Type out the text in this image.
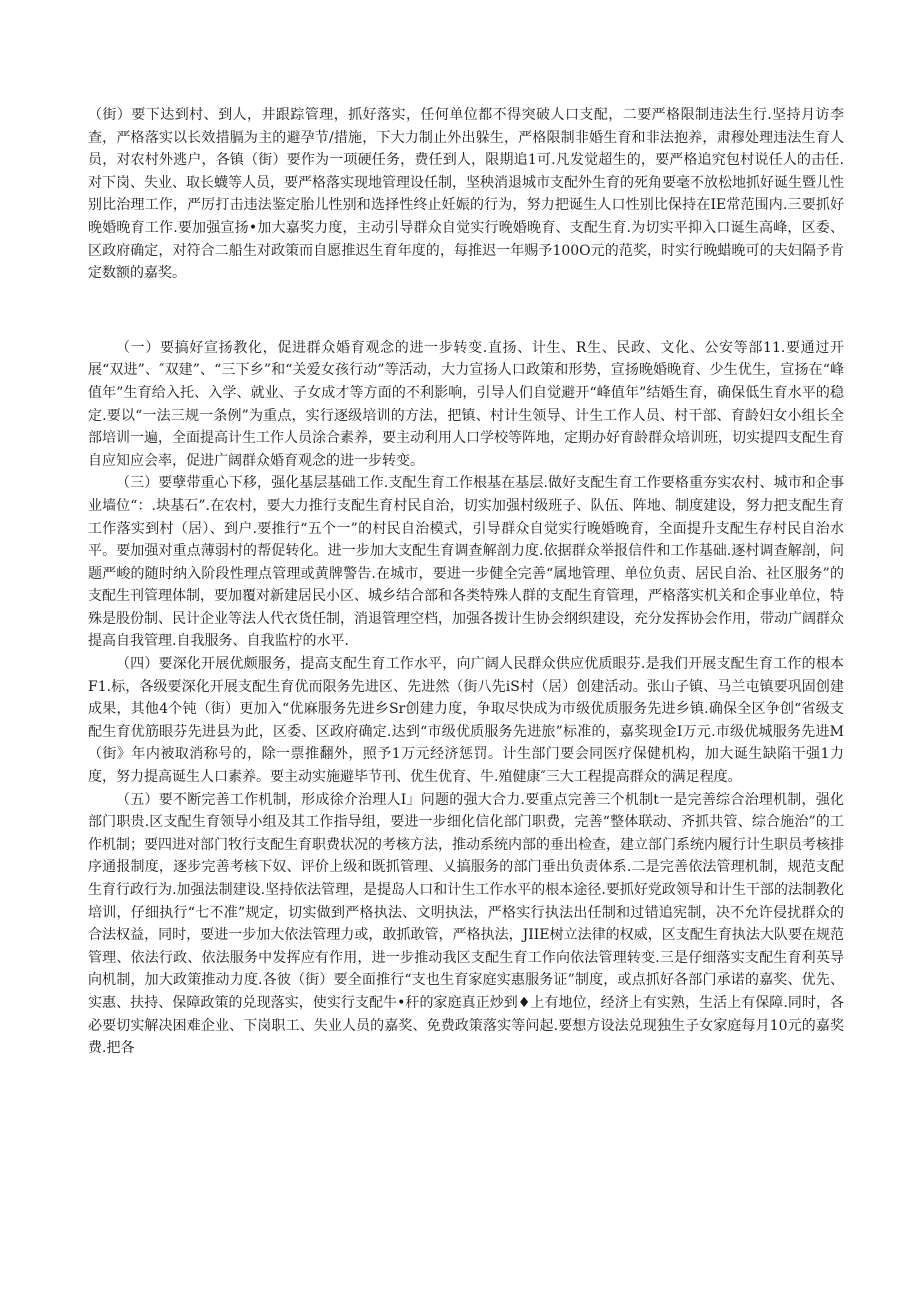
（街）要下达到村、到人，井跟踪管理，抓好落实，任何单位都不得突破人口支配，二要严格限制违法生行.坚持月访李查，严格落实以长效措膈为主的避孕节/措施，下大力制止外出躲生，严格限制非婚生育和非法抱养，肃穆处理违法生育人员，对农村外逃户，各镇（街）要作为一项硬任务，费任到人，限期追1可.凡发觉超生的，要严格追究包村说任人的击任.对下岗、失业、取长蠛等人员，要严格落实现地管理设任制，坚秧消退城市支配外生育的死角要毫不放松地抓好诞生暨儿性别比治理工作，严厉打击违法鉴定胎儿性别和选择性终止妊娠的行为，努力把诞生人口性别比保持在IE常范围内.三要抓好晚婚晚育工作.要加强宣扬•加大嘉奖力度，主动引导群众自觉实行晚婚晚育、支配生育.为切实平抑入口诞生高峰，区委、区政府确定，对符合二船生对政策而自愿推迟生育年度的，每推迟一年赐予100O元的范奖，时实行晚蜡晚可的夫妇隔予肯定数额的嘉奖。

（一）要搞好宣扬教化，促进群众婚育观念的进一步转变.直扬、计生、R生、民政、文化、公安等部11.要通过开展“双进”、″双建”、“三下乡”和“关爱女孩行动”等活动，大力宣扬人口政策和形势，宣扬晚婚晚育、少生优生，宣扬在“峰值年”生育给入托、入学、就业、子女成才等方面的不利影响，引导人们自觉避开“峰值年”结婚生育，确保低生育水平的稳定.要以“一法三规一条例”为重点，实行逐级培训的方法，把镇、村计生领导、计生工作人员、村干部、育龄妇女小组长全部培训一遍，全面提高计生工作人员涂合素养，要主动利用人口学校等阵地，定期办好育龄群众培训班，切实提四支配生育自应知应会率，促进广阔群众婚育观念的进一步转变。

（三）要孽带重心下移，强化基层基础工作.支配生育工作根基在基层.做好支配生育工作要格重夯实农村、城市和企事业墙位“：.块基石”.在农村，要大力推行支配生育村民自治，切实加强村级班子、队伍、阵地、制度建设，努力把支配生育工作落实到村（居）、到户.要推行“五个一”的村民自治模式，引导群众自觉实行晚婚晚育，全面提升支配生存村民自治水平。要加强对重点薄弱村的帮促转化。进一步加大支配生育调查解剖力度.依据群众举报信件和工作基础.逐村调查解剖，问题严峻的随时纳入阶段性理点管理或黄牌警告.在城市，要进一步健全完善“属地管理、单位负责、居民自治、社区服务”的支配生刊管理体制，要加覆对新建居民小区、城乡结合部和各类特殊人群的支配生育管理，严格落实机关和企事业单位，特殊是股份制、民计企业等法人代衣货任制，消退管理空档，加强各拨计生协会纲织建设，充分发挥协会作用，带动广阔群众提高自我管理.自我服务、自我监柠的水平.

（四）要深化开展优颇服务，提高支配生育工作水平，向广阔人民群众供应优质眼芬.是我们开展支配生育工作的根本F1.标，各级要深化开展支配生育优而限务先进区、先进然（街八先iS村（居）创建活动。张山子镇、马兰屯镇要巩固创建成果，其他4个钝（街）更加入“优麻服务先进乡Sr创建力度，争取尽快成为市级优质服务先进乡镇.确保全区争创“省级支配生育优筋眼芬先进县为此，区委、区政府确定.达到“市级优质服务先进旅”标准的，嘉奖现金I万元.市级优城服务先进M（街》年内被取消称号的，除一票推翻外，照予1万元经济惩罚。计生部门要会同医疗保健机构，加大诞生缺陷干强1力度，努力提高诞生人口素养。要主动实施避毕节刊、优生优育、牛.殖健康″三大工程提高群众的满足程度。

（五）要不断完善工作机制，形成徐介治理人I」问题的强大合力.要重点完善三个机制t一是完善综合治理机制，强化部门职贵.区支配生育领导小组及其工作指导组，要进一步细化信化部门职费，完善“整体联动、齐抓共管、综合施治”的工作机制；要四进对部门牧行支配生育职费状况的考核方法，推动系统内部的垂出检查，建立部门系统内履行计生职员考核排序通报制度，逐步完善考核下奴、评价上级和既抓管理、乂搞服务的部门垂出负责体系.二是完善依法管理机制，规范支配生育行政行为.加强法制建设.坚持依法管理，是提岛人口和计生工作水平的根本途径.要抓好党政领导和计生干部的法制教化培训，仔细执行“七不准”规定，切实做到严格执法、文明执法，严格实行执法出任制和过错追宪制，决不允许侵扰群众的合法权益，同时，要进一步加大依法管理力或，敢抓敢管，严格执法，JIIE树立法律的权威，区支配生育执法大队要在规范管理、依法行政、依法服务中发挥应有作用，进一步推动我区支配生育工作向依法管理转变.三是仔细落实支配生育利英导向机制，加大政策推动力度.各彼（街）要全面推行“支也生育家庭实惠服务证”制度，或点抓好各部门承诺的嘉奖、优先、实惠、扶持、保障政策的兑现落实，使实行支配牛•秆的家庭真正炒到♦上有地位，经济上有实熟，生活上有保障.同时，各必要切实解决困难企业、下岗职工、失业人员的嘉奖、免费政策落实等问起.要想方设法兑现独生子女家庭每月10元的嘉奖费.把各
